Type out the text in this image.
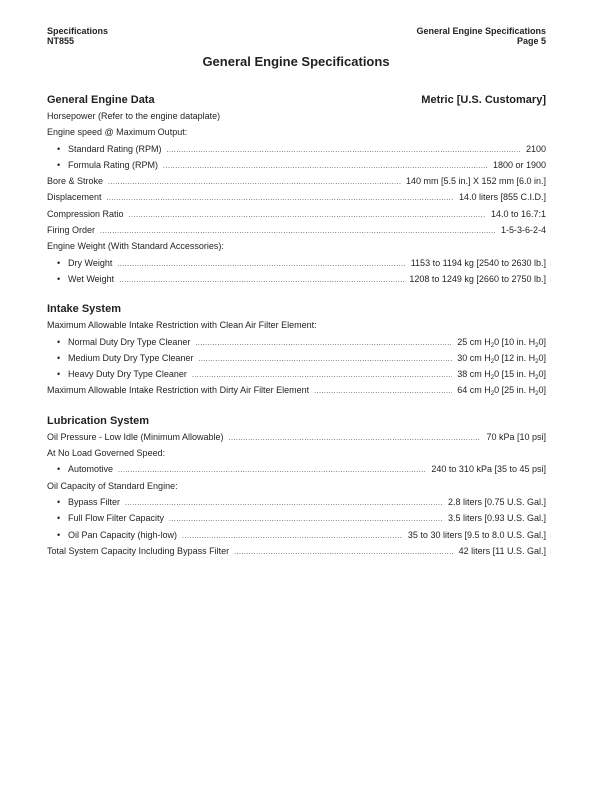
Specifications
NT855
General Engine Specifications
Page 5
General Engine Specifications
General Engine Data	Metric [U.S. Customary]
Horsepower (Refer to the engine dataplate)
Engine speed @ Maximum Output:
• Standard Rating (RPM) .....	2100
• Formula Rating (RPM) .....	1800 or 1900
Bore & Stroke .....	140 mm [5.5 in.] X 152 mm [6.0 in.]
Displacement .....	14.0 liters [855 C.I.D.]
Compression Ratio .....	14.0 to 16.7:1
Firing Order .....	1-5-3-6-2-4
Engine Weight (With Standard Accessories):
• Dry Weight .....	1153 to 1194 kg [2540 to 2630 lb.]
• Wet Weight .....	1208 to 1249 kg [2660 to 2750 lb.]
Intake System
Maximum Allowable Intake Restriction with Clean Air Filter Element:
• Normal Duty Dry Type Cleaner .....	25 cm $H_20$ [10 in. $H_20$]
• Medium Duty Dry Type Cleaner .....	30 cm $H_20$ [12 in. $H_20$]
• Heavy Duty Dry Type Cleaner .....	38 cm $H_20$ [15 in. $H_20$]
Maximum Allowable Intake Restriction with Dirty Air Filter Element .....	64 cm $H_20$ [25 in. $H_20$]
Lubrication System
Oil Pressure - Low Idle (Minimum Allowable) .....	70 kPa [10 psi]
At No Load Governed Speed:
• Automotive .....	240 to 310 kPa [35 to 45 psi]
Oil Capacity of Standard Engine:
• Bypass Filter .....	2.8 liters [0.75 U.S. Gal.]
• Full Flow Filter Capacity .....	3.5 liters [0.93 U.S. Gal.]
• Oil Pan Capacity (high-low) .....	35 to 30 liters [9.5 to 8.0 U.S. Gal.]
Total System Capacity Including Bypass Filter .....	42 liters [11 U.S. Gal.]
